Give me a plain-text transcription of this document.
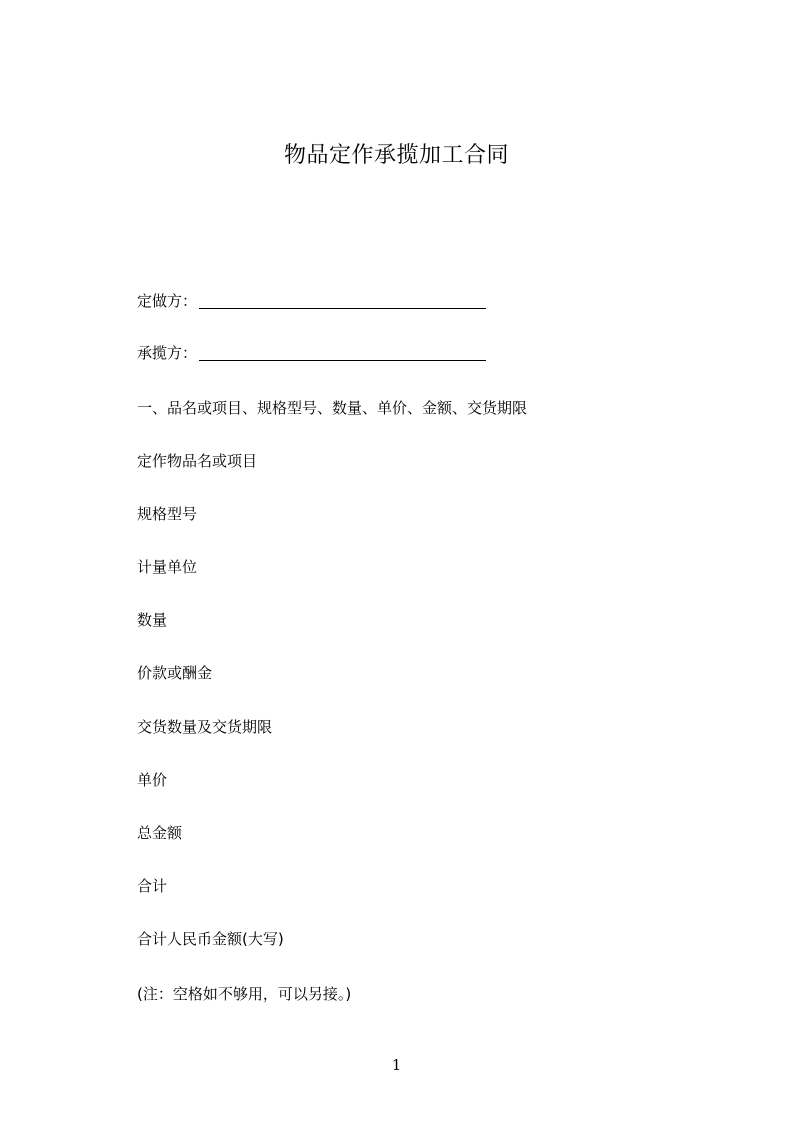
物品定作承揽加工合同
定做方：
承揽方：
一、品名或项目、规格型号、数量、单价、金额、交货期限
定作物品名或项目
规格型号
计量单位
数量
价款或酬金
交货数量及交货期限
单价
总金额
合计
合计人民币金额(大写)
(注：空格如不够用，可以另接。)
1
